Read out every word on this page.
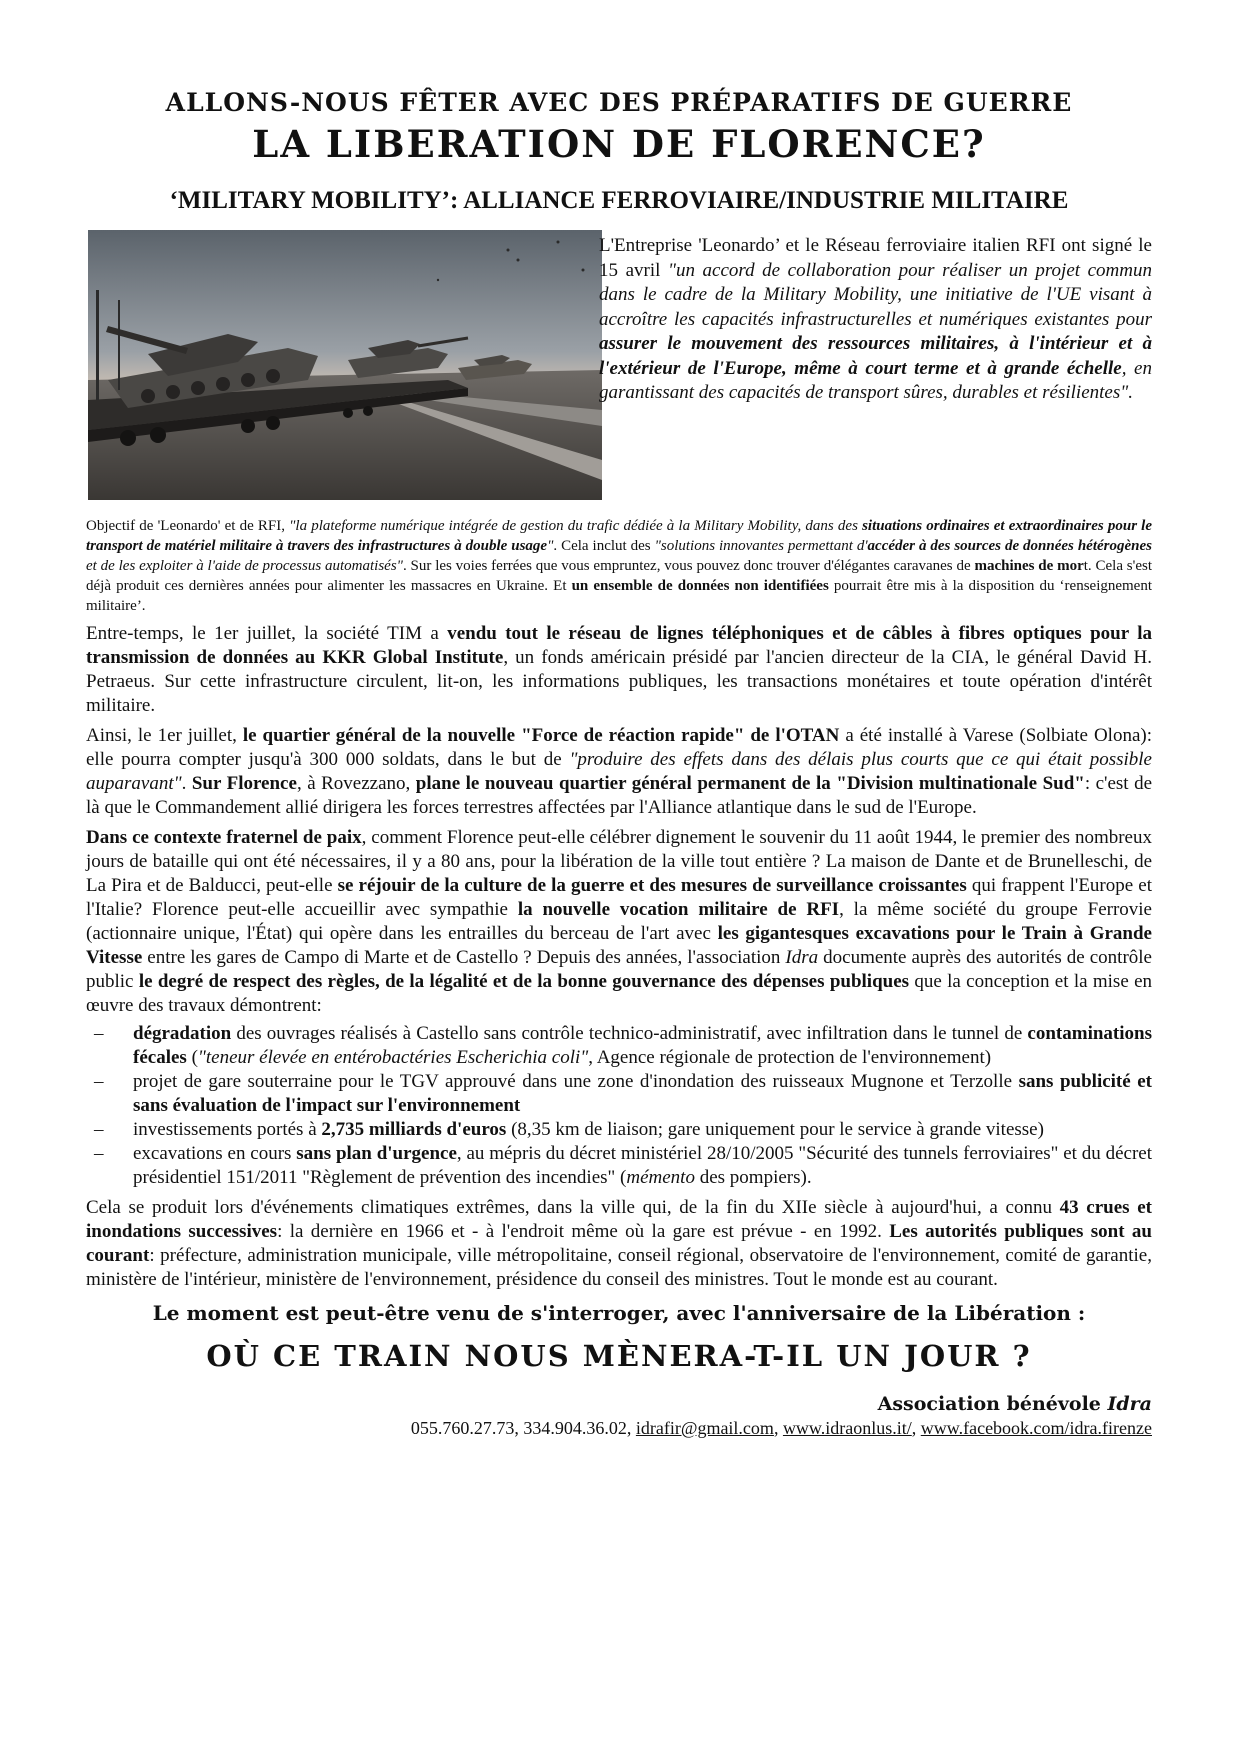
ALLONS-NOUS FÊTER AVEC DES PRÉPARATIFS DE GUERRE
LA LIBERATION DE FLORENCE?
‘MILITARY MOBILITY’: ALLIANCE FERROVIAIRE/INDUSTRIE MILITAIRE
L'Entreprise 'Leonardo’ et le Réseau ferroviaire italien RFI ont signé le 15 avril "un accord de collaboration pour réaliser un projet commun dans le cadre de la Military Mobility, une initiative de l'UE visant à accroître les capacités infrastructurelles et numériques existantes pour assurer le mouvement des ressources militaires, à l'intérieur et à l'extérieur de l'Europe, même à court terme et à grande échelle, en garantissant des capacités de transport sûres, durables et résilientes".
Objectif de 'Leonardo' et de RFI, "la plateforme numérique intégrée de gestion du trafic dédiée à la Military Mobility, dans des situations ordinaires et extraordinaires pour le transport de matériel militaire à travers des infrastructures à double usage". Cela inclut des "solutions innovantes permettant d'accéder à des sources de données hétérogènes et de les exploiter à l'aide de processus automatisés". Sur les voies ferrées que vous empruntez, vous pouvez donc trouver d'élégantes caravanes de machines de mort. Cela s'est déjà produit ces dernières années pour alimenter les massacres en Ukraine. Et un ensemble de données non identifiées pourrait être mis à la disposition du ‘renseignement militaire’.
Entre-temps, le 1er juillet, la société TIM a vendu tout le réseau de lignes téléphoniques et de câbles à fibres optiques pour la transmission de données au KKR Global Institute, un fonds américain présidé par l'ancien directeur de la CIA, le général David H. Petraeus. Sur cette infrastructure circulent, lit-on, les informations publiques, les transactions monétaires et toute opération d'intérêt militaire.
Ainsi, le 1er juillet, le quartier général de la nouvelle "Force de réaction rapide" de l'OTAN a été installé à Varese (Solbiate Olona): elle pourra compter jusqu'à 300 000 soldats, dans le but de "produire des effets dans des délais plus courts que ce qui était possible auparavant". Sur Florence, à Rovezzano, plane le nouveau quartier général permanent de la "Division multinationale Sud": c'est de là que le Commandement allié dirigera les forces terrestres affectées par l'Alliance atlantique dans le sud de l'Europe.
Dans ce contexte fraternel de paix, comment Florence peut-elle célébrer dignement le souvenir du 11 août 1944, le premier des nombreux jours de bataille qui ont été nécessaires, il y a 80 ans, pour la libération de la ville tout entière ? La maison de Dante et de Brunelleschi, de La Pira et de Balducci, peut-elle se réjouir de la culture de la guerre et des mesures de surveillance croissantes qui frappent l'Europe et l'Italie? Florence peut-elle accueillir avec sympathie la nouvelle vocation militaire de RFI, la même société du groupe Ferrovie (actionnaire unique, l'État) qui opère dans les entrailles du berceau de l'art avec les gigantesques excavations pour le Train à Grande Vitesse entre les gares de Campo di Marte et de Castello ? Depuis des années, l'association Idra documente auprès des autorités de contrôle public le degré de respect des règles, de la légalité et de la bonne gouvernance des dépenses publiques que la conception et la mise en œuvre des travaux démontrent:
– dégradation des ouvrages réalisés à Castello sans contrôle technico-administratif, avec infiltration dans le tunnel de contaminations fécales ("teneur élevée en entérobactéries Escherichia coli", Agence régionale de protection de l'environnement)
– projet de gare souterraine pour le TGV approuvé dans une zone d'inondation des ruisseaux Mugnone et Terzolle sans publicité et sans évaluation de l'impact sur l'environnement
– investissements portés à 2,735 milliards d'euros (8,35 km de liaison; gare uniquement pour le service à grande vitesse)
– excavations en cours sans plan d'urgence, au mépris du décret ministériel 28/10/2005 "Sécurité des tunnels ferroviaires" et du décret présidentiel 151/2011 "Règlement de prévention des incendies" (mémento des pompiers).
Cela se produit lors d'événements climatiques extrêmes, dans la ville qui, de la fin du XIIe siècle à aujourd'hui, a connu 43 crues et inondations successives: la dernière en 1966 et - à l'endroit même où la gare est prévue - en 1992. Les autorités publiques sont au courant: préfecture, administration municipale, ville métropolitaine, conseil régional, observatoire de l'environnement, comité de garantie, ministère de l'intérieur, ministère de l'environnement, présidence du conseil des ministres. Tout le monde est au courant.
Le moment est peut-être venu de s'interroger, avec l'anniversaire de la Libération :
OÙ CE TRAIN NOUS MÈNERA-T-IL UN JOUR ?
Association bénévole Idra
055.760.27.73, 334.904.36.02, idrafir@gmail.com, www.idraonlus.it/, www.facebook.com/idra.firenze
